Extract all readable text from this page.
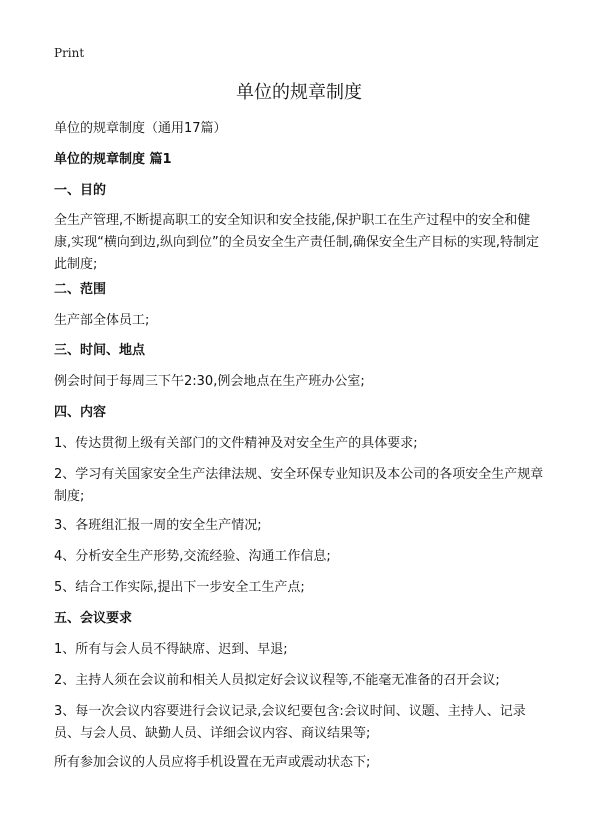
Print
单位的规章制度
单位的规章制度（通用17篇）
单位的规章制度 篇1
一、目的
全生产管理,不断提高职工的安全知识和安全技能,保护职工在生产过程中的安全和健康,实现“横向到边,纵向到位”的全员安全生产责任制,确保安全生产目标的实现,特制定此制度;
二、范围
生产部全体员工;
三、时间、地点
例会时间于每周三下午2:30,例会地点在生产班办公室;
四、内容
1、传达贯彻上级有关部门的文件精神及对安全生产的具体要求;
2、学习有关国家安全生产法律法规、安全环保专业知识及本公司的各项安全生产规章制度;
3、各班组汇报一周的安全生产情况;
4、分析安全生产形势,交流经验、沟通工作信息;
5、结合工作实际,提出下一步安全工生产点;
五、会议要求
1、所有与会人员不得缺席、迟到、早退;
2、主持人须在会议前和相关人员拟定好会议议程等,不能毫无准备的召开会议;
3、每一次会议内容要进行会议记录,会议纪要包含:会议时间、议题、主持人、记录员、与会人员、缺勤人员、详细会议内容、商议结果等;
所有参加会议的人员应将手机设置在无声或震动状态下;
